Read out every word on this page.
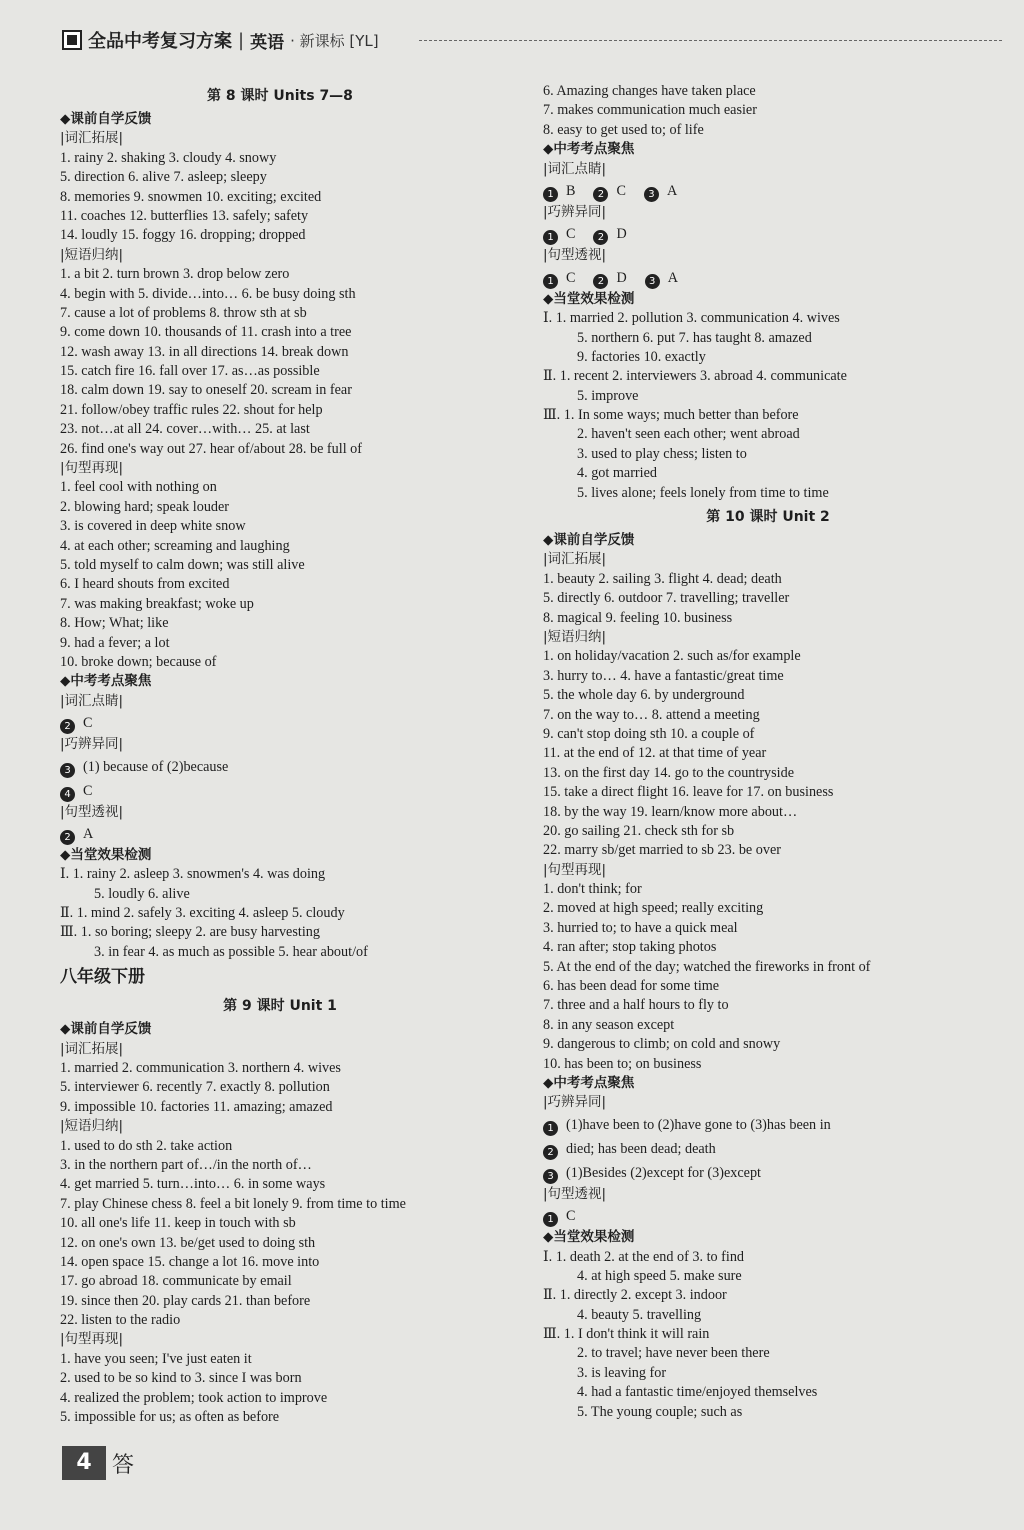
全品中考复习方案 | 英语 · 新课标 [YL]
第 8 课时 Units 7—8
◆课前自学反馈
|词汇拓展|
1. rainy 2. shaking 3. cloudy 4. snowy
5. direction 6. alive 7. asleep; sleepy
8. memories 9. snowmen 10. exciting; excited
11. coaches 12. butterflies 13. safely; safety
14. loudly 15. foggy 16. dropping; dropped
|短语归纳|
1. a bit 2. turn brown 3. drop below zero
4. begin with 5. divide…into… 6. be busy doing sth
7. cause a lot of problems 8. throw sth at sb
9. come down 10. thousands of 11. crash into a tree
12. wash away 13. in all directions 14. break down
15. catch fire 16. fall over 17. as…as possible
18. calm down 19. say to oneself 20. scream in fear
21. follow/obey traffic rules 22. shout for help
23. not…at all 24. cover…with… 25. at last
26. find one's way out 27. hear of/about 28. be full of
|句型再现|
1. feel cool with nothing on
2. blowing hard; speak louder
3. is covered in deep white snow
4. at each other; screaming and laughing
5. told myself to calm down; was still alive
6. I heard shouts from excited
7. was making breakfast; woke up
8. How; What; like
9. had a fever; a lot
10. broke down; because of
◆中考考点聚焦
|词汇点睛|
2 C
|巧辨异同|
3 (1) because of (2)because
4 C
|句型透视|
2 A
◆当堂效果检测
Ⅰ. 1. rainy 2. asleep 3. snowmen's 4. was doing
5. loudly 6. alive
Ⅱ. 1. mind 2. safely 3. exciting 4. asleep 5. cloudy
Ⅲ. 1. so boring; sleepy 2. are busy harvesting
3. in fear 4. as much as possible 5. hear about/of
八年级下册
第 9 课时 Unit 1
◆课前自学反馈
|词汇拓展|
1. married 2. communication 3. northern 4. wives
5. interviewer 6. recently 7. exactly 8. pollution
9. impossible 10. factories 11. amazing; amazed
|短语归纳|
1. used to do sth 2. take action
3. in the northern part of…/in the north of…
4. get married 5. turn…into… 6. in some ways
7. play Chinese chess 8. feel a bit lonely 9. from time to time
10. all one's life 11. keep in touch with sb
12. on one's own 13. be/get used to doing sth
14. open space 15. change a lot 16. move into
17. go abroad 18. communicate by email
19. since then 20. play cards 21. than before
22. listen to the radio
|句型再现|
1. have you seen; I've just eaten it
2. used to be so kind to 3. since I was born
4. realized the problem; took action to improve
5. impossible for us; as often as before
6. Amazing changes have taken place
7. makes communication much easier
8. easy to get used to; of life
◆中考考点聚焦
|词汇点睛|
1 B 2 C 3 A
|巧辨异同|
1 C 2 D
|句型透视|
1 C 2 D 3 A
◆当堂效果检测
Ⅰ. 1. married 2. pollution 3. communication 4. wives
5. northern 6. put 7. has taught 8. amazed
9. factories 10. exactly
Ⅱ. 1. recent 2. interviewers 3. abroad 4. communicate
5. improve
Ⅲ. 1. In some ways; much better than before
2. haven't seen each other; went abroad
3. used to play chess; listen to
4. got married
5. lives alone; feels lonely from time to time
第 10 课时 Unit 2
◆课前自学反馈
|词汇拓展|
1. beauty 2. sailing 3. flight 4. dead; death
5. directly 6. outdoor 7. travelling; traveller
8. magical 9. feeling 10. business
|短语归纳|
1. on holiday/vacation 2. such as/for example
3. hurry to… 4. have a fantastic/great time
5. the whole day 6. by underground
7. on the way to… 8. attend a meeting
9. can't stop doing sth 10. a couple of
11. at the end of 12. at that time of year
13. on the first day 14. go to the countryside
15. take a direct flight 16. leave for 17. on business
18. by the way 19. learn/know more about…
20. go sailing 21. check sth for sb
22. marry sb/get married to sb 23. be over
|句型再现|
1. don't think; for
2. moved at high speed; really exciting
3. hurried to; to have a quick meal
4. ran after; stop taking photos
5. At the end of the day; watched the fireworks in front of
6. has been dead for some time
7. three and a half hours to fly to
8. in any season except
9. dangerous to climb; on cold and snowy
10. has been to; on business
◆中考考点聚焦
|巧辨异同|
1 (1)have been to (2)have gone to (3)has been in
2 died; has been dead; death
3 (1)Besides (2)except for (3)except
|句型透视|
1 C
◆当堂效果检测
Ⅰ. 1. death 2. at the end of 3. to find
4. at high speed 5. make sure
Ⅱ. 1. directly 2. except 3. indoor
4. beauty 5. travelling
Ⅲ. 1. I don't think it will rain
2. to travel; have never been there
3. is leaving for
4. had a fantastic time/enjoyed themselves
5. The young couple; such as
4 答
